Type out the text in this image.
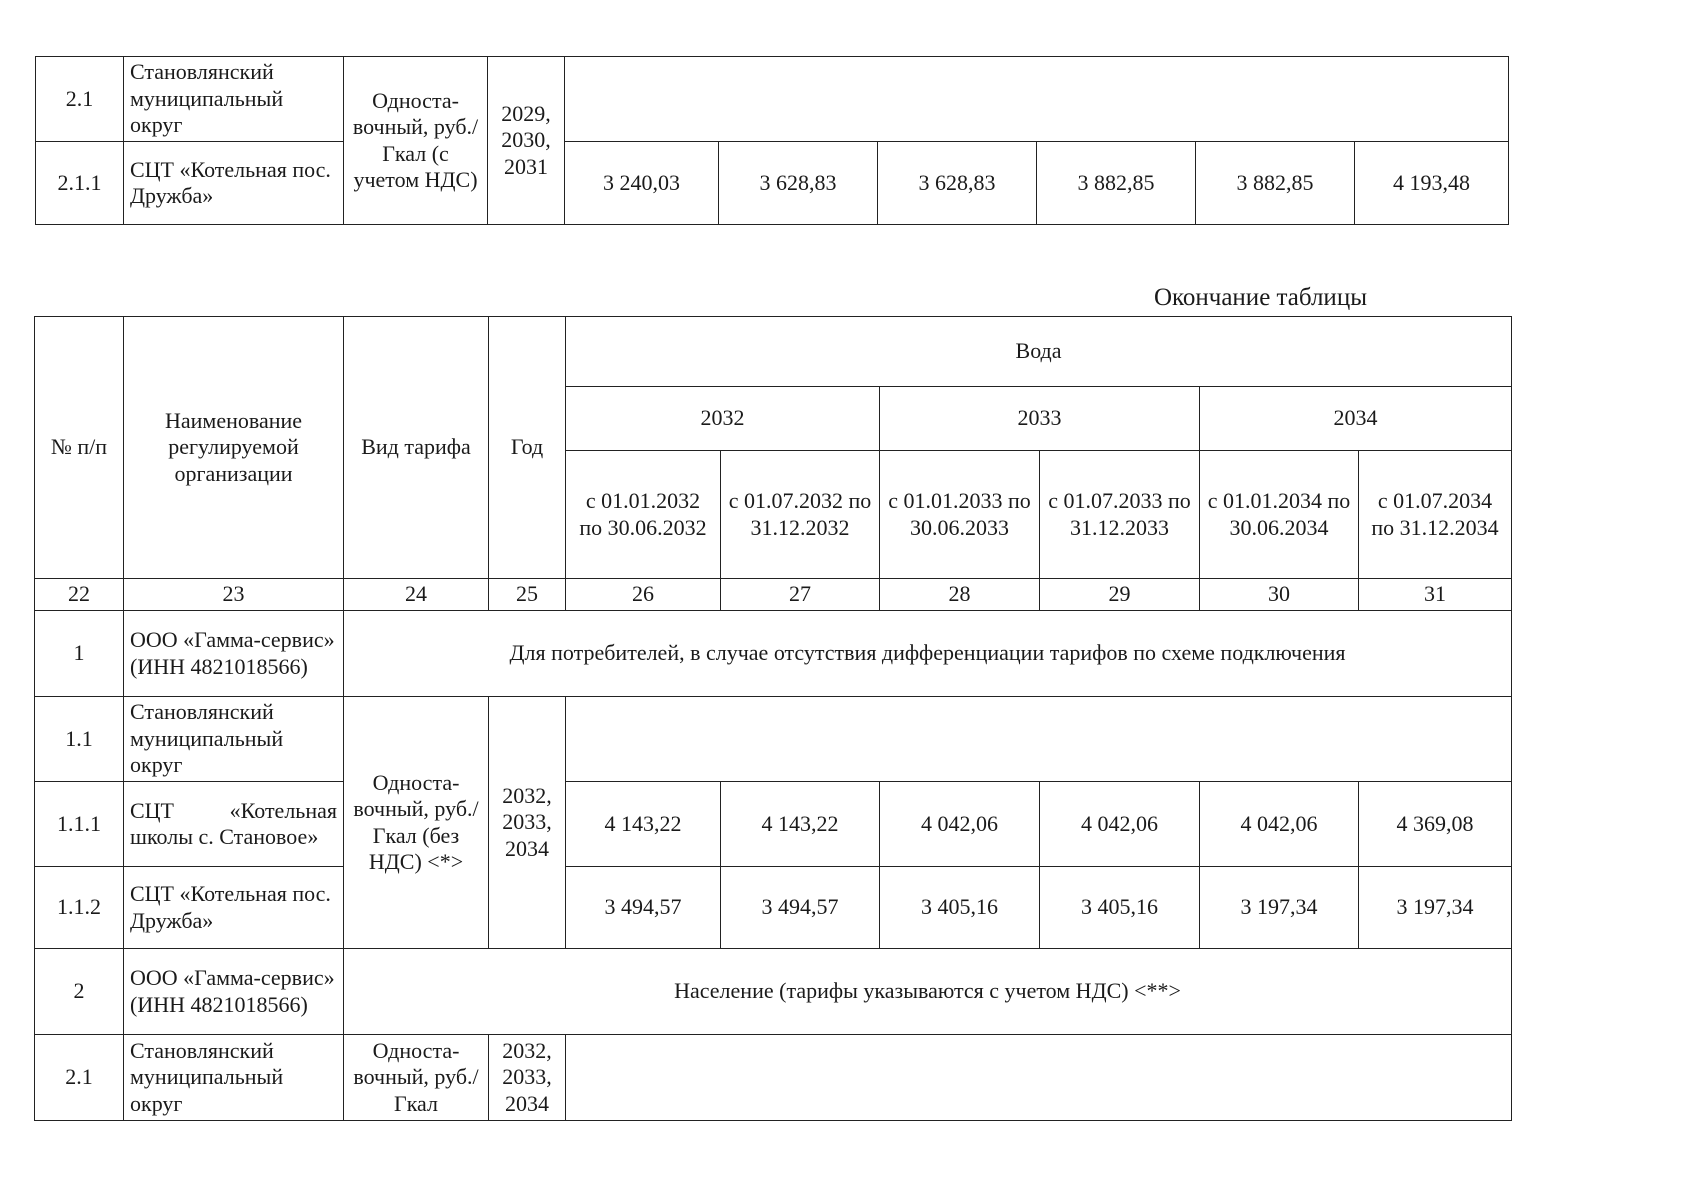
2.1	Становлянский муниципальный округ	Односта-вочный, руб./Гкал (с учетом НДС)	2029, 2030, 2031						
2.1.1	СЦТ «Котельная пос. Дружба»			3 240,03	3 628,83	3 628,83	3 882,85	3 882,85	4 193,48
Окончание таблицы
№ п/п	Наименование регулируемой организации	Вид тарифа	Год	Вода					
				2032		2033		2034	
				с 01.01.2032 по 30.06.2032	с 01.07.2032 по 31.12.2032	с 01.01.2033 по 30.06.2033	с 01.07.2033 по 31.12.2033	с 01.01.2034 по 30.06.2034	с 01.07.2034 по 31.12.2034
22	23	24	25	26	27	28	29	30	31
1	ООО «Гамма-сервис» (ИНН 4821018566)	Для потребителей, в случае отсутствия дифференциации тарифов по схеме подключения							
1.1	Становлянский муниципальный округ	Односта-вочный, руб./Гкал (без НДС) <*>	2032, 2033, 2034						
1.1.1	СЦТ «Котельная школы с. Становое»			4 143,22	4 143,22	4 042,06	4 042,06	4 042,06	4 369,08
1.1.2	СЦТ «Котельная пос. Дружба»			3 494,57	3 494,57	3 405,16	3 405,16	3 197,34	3 197,34
2	ООО «Гамма-сервис» (ИНН 4821018566)	Население (тарифы указываются с учетом НДС) <**>							
2.1	Становлянский муниципальный округ	Односта-вочный, руб./Гкал	2032, 2033, 2034						
